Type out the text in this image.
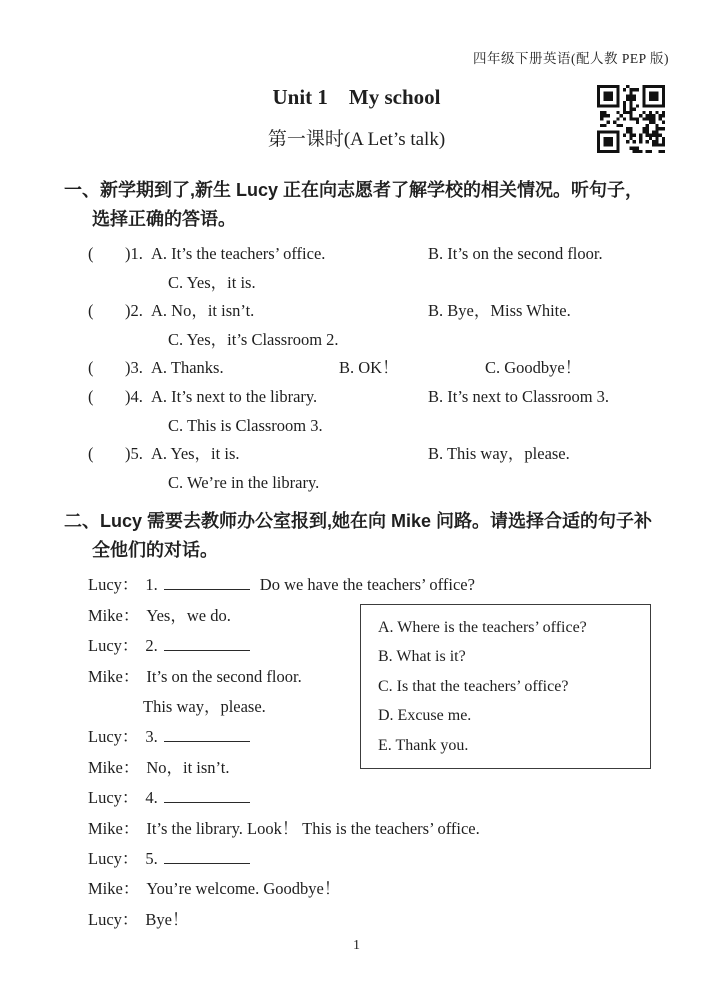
四年级下册英语(配人教 PEP 版)
Unit 1 My school
第一课时(A Let’s talk)

一、新学期到了,新生 Lucy 正在向志愿者了解学校的相关情况。听句子，选择正确的答语。

( )1. A. It’s the teachers’ office.	B. It’s on the second floor.
C. Yes，it is.
( )2. A. No，it isn’t.	B. Bye，Miss White.
C. Yes，it’s Classroom 2.
( )3. A. Thanks.	B. OK！	C. Goodbye！
( )4. A. It’s next to the library.	B. It’s next to Classroom 3.
C. This is Classroom 3.
( )5. A. Yes，it is.	B. This way，please.
C. We’re in the library.

二、Lucy 需要去教师办公室报到,她在向 Mike 问路。请选择合适的句子补全他们的对话。

Lucy： 1.	Do we have the teachers’ office?
Mike： Yes，we do.
Lucy： 2.
Mike： It’s on the second floor.
This way，please.
Lucy： 3.
Mike： No，it isn’t.
Lucy： 4.
Mike： It’s the library. Look！ This is the teachers’ office.
Lucy： 5.
Mike： You’re welcome. Goodbye！
Lucy： Bye！
A. Where is the teachers’ office?
B. What is it?
C. Is that the teachers’ office?
D. Excuse me.
E. Thank you.
1
